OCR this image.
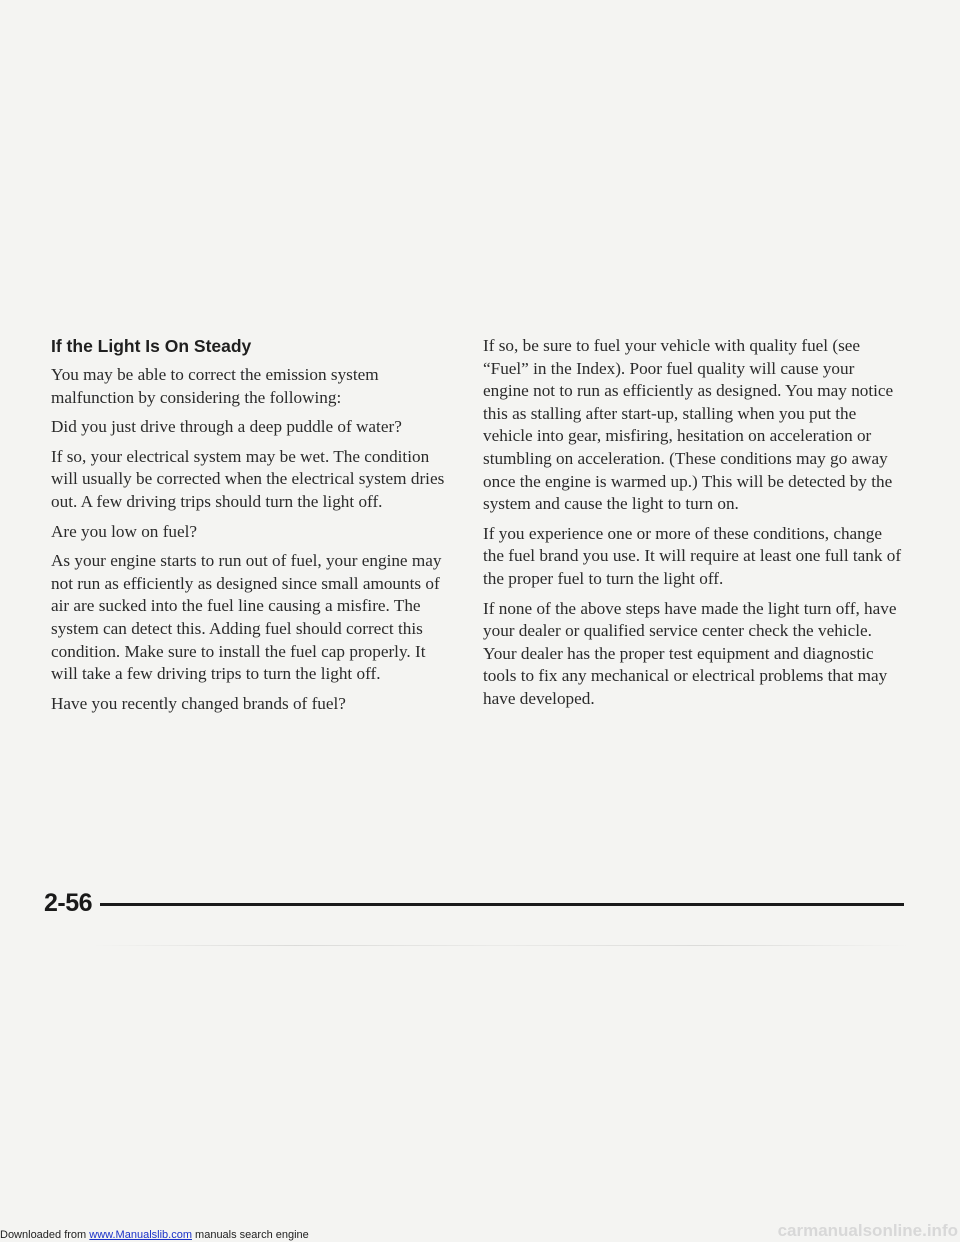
If the Light Is On Steady

You may be able to correct the emission system malfunction by considering the following:

Did you just drive through a deep puddle of water?

If so, your electrical system may be wet. The condition will usually be corrected when the electrical system dries out. A few driving trips should turn the light off.

Are you low on fuel?

As your engine starts to run out of fuel, your engine may not run as efficiently as designed since small amounts of air are sucked into the fuel line causing a misfire. The system can detect this. Adding fuel should correct this condition. Make sure to install the fuel cap properly. It will take a few driving trips to turn the light off.

Have you recently changed brands of fuel?

If so, be sure to fuel your vehicle with quality fuel (see “Fuel” in the Index). Poor fuel quality will cause your engine not to run as efficiently as designed. You may notice this as stalling after start-up, stalling when you put the vehicle into gear, misfiring, hesitation on acceleration or stumbling on acceleration. (These conditions may go away once the engine is warmed up.) This will be detected by the system and cause the light to turn on.

If you experience one or more of these conditions, change the fuel brand you use. It will require at least one full tank of the proper fuel to turn the light off.

If none of the above steps have made the light turn off, have your dealer or qualified service center check the vehicle. Your dealer has the proper test equipment and diagnostic tools to fix any mechanical or electrical problems that may have developed.

2-56
Downloaded from www.Manualslib.com manuals search engine	carmanualsonline.info
